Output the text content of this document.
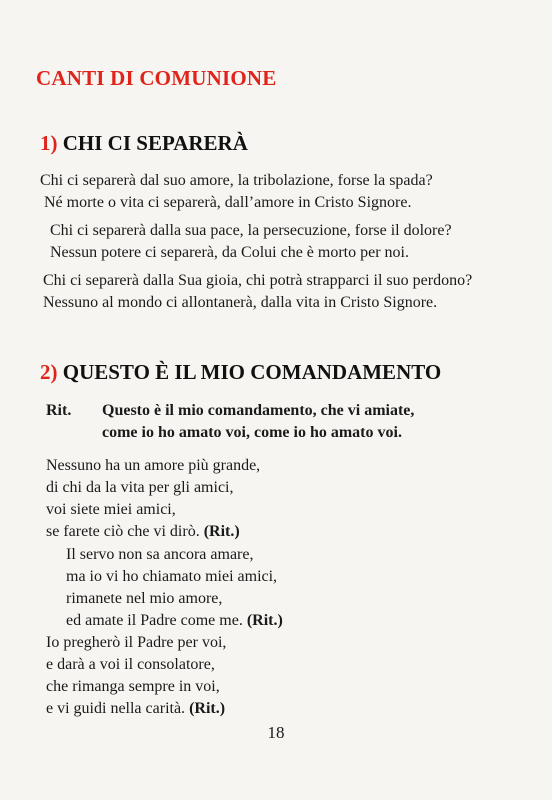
CANTI DI COMUNIONE
1) CHI CI SEPARERÀ
Chi ci separerà dal suo amore, la tribolazione, forse la spada?
Né morte o vita ci separerà, dall’amore in Cristo Signore.
Chi ci separerà dalla sua pace, la persecuzione, forse il dolore?
Nessun potere ci separerà, da Colui che è morto per noi.
Chi ci separerà dalla Sua gioia, chi potrà strapparci il suo perdono?
Nessuno al mondo ci allontanerà, dalla vita in Cristo Signore.
2) QUESTO È IL MIO COMANDAMENTO
Rit. Questo è il mio comandamento, che vi amiate,
come io ho amato voi, come io ho amato voi.
Nessuno ha un amore più grande,
di chi da la vita per gli amici,
voi siete miei amici,
se farete ciò che vi dirò. (Rit.)
Il servo non sa ancora amare,
ma io vi ho chiamato miei amici,
rimanete nel mio amore,
ed amate il Padre come me. (Rit.)
Io pregherò il Padre per voi,
e darà a voi il consolatore,
che rimanga sempre in voi,
e vi guidi nella carità. (Rit.)
18
